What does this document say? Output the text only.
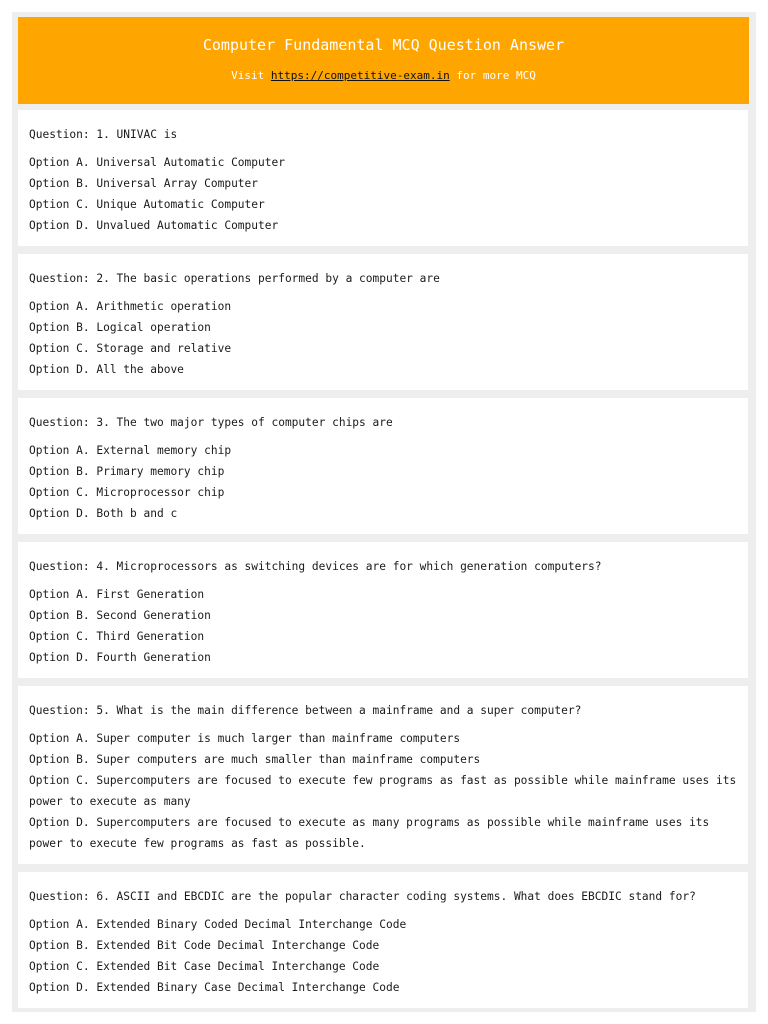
Computer Fundamental MCQ Question Answer
Visit https://competitive-exam.in for more MCQ
Question: 1. UNIVAC is
Option A. Universal Automatic Computer
Option B. Universal Array Computer
Option C. Unique Automatic Computer
Option D. Unvalued Automatic Computer
Question: 2. The basic operations performed by a computer are
Option A. Arithmetic operation
Option B. Logical operation
Option C. Storage and relative
Option D. All the above
Question: 3. The two major types of computer chips are
Option A. External memory chip
Option B. Primary memory chip
Option C. Microprocessor chip
Option D. Both b and c
Question: 4. Microprocessors as switching devices are for which generation computers?
Option A. First Generation
Option B. Second Generation
Option C. Third Generation
Option D. Fourth Generation
Question: 5. What is the main difference between a mainframe and a super computer?
Option A. Super computer is much larger than mainframe computers
Option B. Super computers are much smaller than mainframe computers
Option C. Supercomputers are focused to execute few programs as fast as possible while mainframe uses its power to execute as many
Option D. Supercomputers are focused to execute as many programs as possible while mainframe uses its power to execute few programs as fast as possible.
Question: 6. ASCII and EBCDIC are the popular character coding systems. What does EBCDIC stand for?
Option A. Extended Binary Coded Decimal Interchange Code
Option B. Extended Bit Code Decimal Interchange Code
Option C. Extended Bit Case Decimal Interchange Code
Option D. Extended Binary Case Decimal Interchange Code
